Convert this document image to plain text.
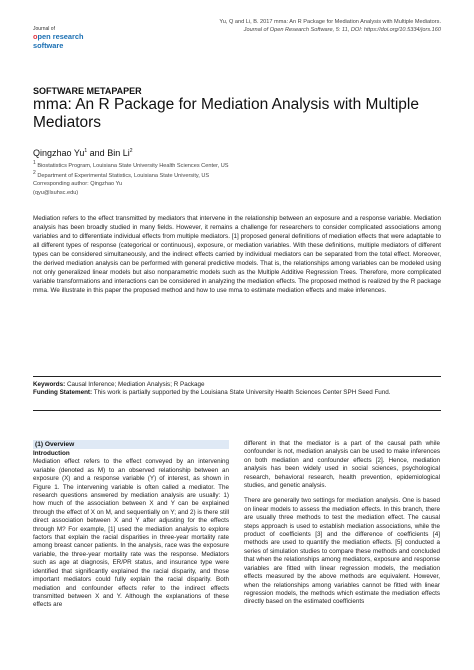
Journal of
open research software
Yu, Q and Li, B. 2017 mma: An R Package for Mediation Analysis with Multiple Mediators.
Journal of Open Research Software, 5: 11, DOI: https://doi.org/10.5334/jors.160
SOFTWARE METAPAPER
mma: An R Package for Mediation Analysis with Multiple Mediators
Qingzhao Yu$^1$ and Bin Li$^2$
$^1$ Biostatistics Program, Louisiana State University Health Sciences Center, US
$^2$ Department of Experimental Statistics, Louisiana State University, US
Corresponding author: Qingzhao Yu
(qyu@lsuhsc.edu)
Mediation refers to the effect transmitted by mediators that intervene in the relationship between an exposure and a response variable. Mediation analysis has been broadly studied in many fields. However, it remains a challenge for researchers to consider complicated associations among variables and to differentiate individual effects from multiple mediators. [1] proposed general definitions of mediation effects that were adaptable to all different types of response (categorical or continuous), exposure, or mediation variables. With these definitions, multiple mediators of different types can be considered simultaneously, and the indirect effects carried by individual mediators can be separated from the total effect. Moreover, the derived mediation analysis can be performed with general predictive models. That is, the relationships among variables can be modeled using not only generalized linear models but also nonparametric models such as the Multiple Additive Regression Trees. Therefore, more complicated variable transformations and interactions can be considered in analyzing the mediation effects. The proposed method is realized by the R package mma. We illustrate in this paper the proposed method and how to use mma to estimate mediation effects and make inferences.
Keywords: Causal Inference; Mediation Analysis; R Package
Funding Statement: This work is partially supported by the Louisiana State University Health Sciences Center SPH Seed Fund.
(1) Overview
Introduction

Mediation effect refers to the effect conveyed by an intervening variable (denoted as M) to an observed relationship between an exposure (X) and a response variable (Y) of interest, as shown in Figure 1. The intervening variable is often called a mediator. The research questions answered by mediation analysis are usually: 1) how much of the association between X and Y can be explained through the effect of X on M, and sequentially on Y; and 2) is there still direct association between X and Y after adjusting for the effects through M? For example, [1] used the mediation analysis to explore factors that explain the racial disparities in three-year mortality rate among breast cancer patients. In the analysis, race was the exposure variable, the three-year mortality rate was the response. Mediators such as age at diagnosis, ER/PR status, and insurance type were identified that significantly explained the racial disparity, and those important mediators could fully explain the racial disparity. Both mediation and confounder effects refer to the indirect effects transmitted between X and Y. Although the explanations of these effects are

different in that the mediator is a part of the causal path while confounder is not, mediation analysis can be used to make inferences on both mediation and confounder effects [2]. Hence, mediation analysis has been widely used in social sciences, psychological research, behavioral research, health prevention, epidemiological studies, and genetic analysis.

There are generally two settings for mediation analysis. One is based on linear models to assess the mediation effects. In this branch, there are usually three methods to test the mediation effect. The causal steps approach is used to establish mediation associations, while the product of coefficients [3] and the difference of coefficients [4] methods are used to quantify the mediation effects. [5] conducted a series of simulation studies to compare these methods and concluded that when the relationships among mediators, exposure and response variables are fitted with linear regression models, the mediation effects measured by the above methods are equivalent. However, when the relationships among variables cannot be fitted with linear regression models, the methods which estimate the mediation effects directly based on the estimated coefficients
